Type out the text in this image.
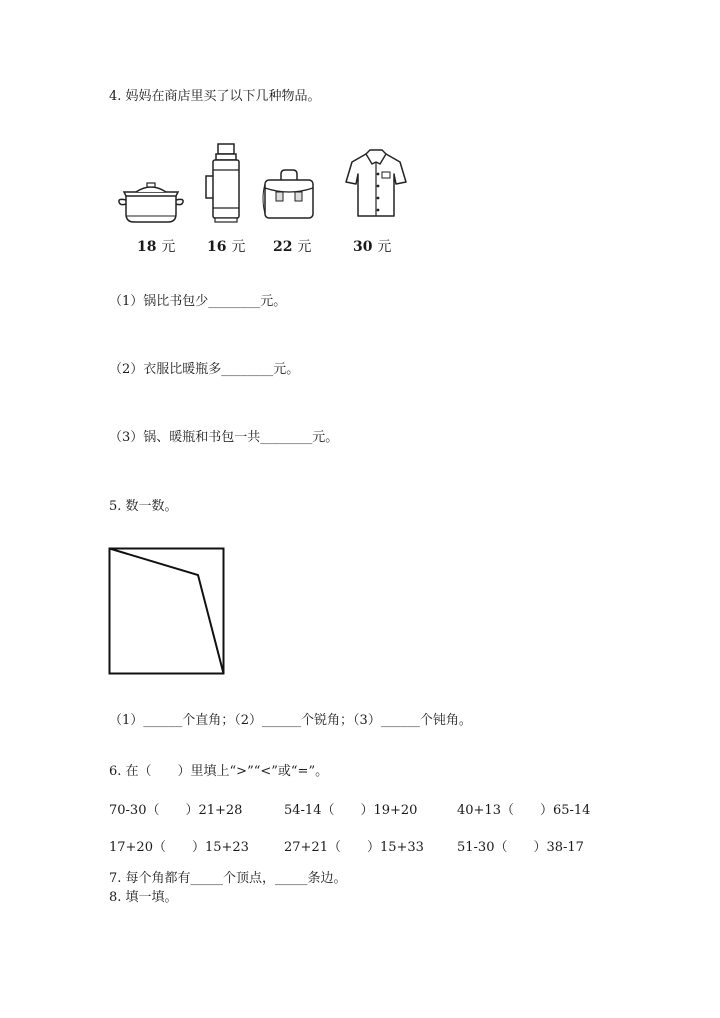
4. 妈妈在商店里买了以下几种物品。
18 元 16 元 22 元	30 元
（1）锅比书包少________元。
（2）衣服比暖瓶多________元。
（3）锅、暖瓶和书包一共________元。
5. 数一数。
（1）______个直角；（2）______个锐角；（3）______个钝角。
6. 在（　　）里填上“>”“<”或“=”。
70-30（　　）21+28	54-14（　　）19+20	40+13（　　）65-14
17+20（　　）15+23	27+21（　　）15+33	51-30（　　）38-17
7. 每个角都有_____个顶点，_____条边。
8. 填一填。
